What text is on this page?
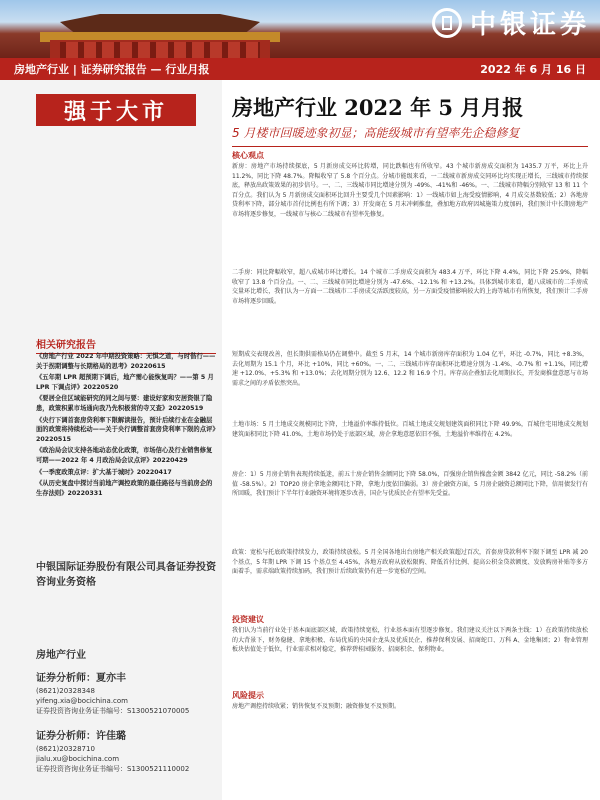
中银证券
房地产行业 | 证券研究报告 — 行业月报	2022 年 6 月 16 日
强于大市
相关研究报告
《房地产行业 2022 年中期投资策略：无惧之道，与时偕行——关于拐期调整与长期格局的思考》20220615
《五年期 LPR 超预期下调后，地产需心能恢复吗？——第 5 月 LPR 下调点评》20220520
《要居全住区域能研究的同之间与要：建设好家和安居资银了隐患，政策积累市场通向我乃先积极营的寺又查》20220519
《央行下调首套房贷利率下限解读报告，预计后续行业在金融层面的政策将持续松动——关于央行调整首套房贷利率下限的点评》20220515
《政治局会议支持各地动态优化政策，市场信心及行业销售修复可期——2022 年 4 月政治局会议点评》20220429
《一季度政策点评：扩大基于城时》20220417
《从历史复盘中探讨当前地产调控政策的最佳路径与当前房企的生存法则》20220331
中银国际证券股份有限公司具备证券投资咨询业务资格
房地产行业
证券分析师：夏亦丰
(8621)20328348
yifeng.xia@bocichina.com
证券投资咨询业务证书编号：S1300521070005
证券分析师：许佳璐
(8621)20328710
jialu.xu@bocichina.com
证券投资咨询业务证书编号：S1300521110002
房地产行业 2022 年 5 月月报
5 月楼市回暖迹象初显；高能级城市有望率先企稳修复
核心观点

新房：房地产市场持续探底，5 月新房成交环比转增，同比跌幅也有所收窄。43 个城市新房成交面积为 1435.7 万平，环比上升 11.2%，同比下降 48.7%。降幅收窄了 5.8 个百分点。分城市能级来看，一二线城市新房成交同环比均实现正增长，三线城市持续探底，释放出政策效果的初步信号。一、二、三线城市同比增速分别为 -49%、-41%和 -46%。一、二线城市降幅分别收窄 13 和 11 个百分点。我们认为 5 月新房成交面积环比回升主要受几个因素影响：1）一线城市如上海受疫情影响，4 月成交基数较低；2）各地房贷利率下降，部分城市首付比例也有所下调；3）开发商在 5 月末冲刺推盘，叠加地方政府因城施策力度加码，我们预计中长期房地产市场将逐步修复，一线城市与核心二线城市有望率先修复。

二手房：同比降幅收窄，超八成城市环比增长。14 个城市二手房成交面积为 483.4 万平，环比下降 4.4%，同比下降 25.9%，降幅收窄了 13.8 个百分点。一、二、三线城市同比增速分别为 -47.6%、-12.1% 和 +13.2%。具体到城市来看，超八成城市的二手房成交量环比增长，我们认为一方面一二线城市二手房成交活跃度较高，另一方面受疫情影响较大的上海等城市有所恢复，我们预计二手房市场将逐步回暖。

短期成交表现改善，但长期供需格局仍在调整中。截至 5 月末，14 个城市新房库存面积为 1.04 亿平，环比 -0.7%，同比 +8.3%，去化周期为 15.1 个月，环比 +10%，同比 +60%。一、二、三线城市库存面积环比增速分别为 -1.4%、-0.7% 和 +1.1%，同比增速 +12.0%、+5.3% 和 +13.0%；去化周期分别为 12.6、12.2 和 16.9 个月。库存高企叠加去化周期拉长，开发商推盘意愿与市场需求之间的矛盾依然突出。

土地市场：5 月土地成交规模同比下降，土地溢价率维持低位。百城土地成交规划建筑面积同比下降 49.9%，百城住宅用地成交规划建筑面积同比下降 41.0%，土地市场仍处于底部区域，房企拿地意愿依旧不强，土地溢价率维持在 4.2%。

房企：1）5 月房企销售表现持续低迷，前五十房企销售金额同比下降 58.0%，百强房企销售操盘金额 3842 亿元，同比 -58.2%（前值 -58.5%）。2）TOP20 房企拿地金额同比下降，拿地力度依旧偏弱。3）房企融资方面，5 月房企融资总额同比下降，信用债发行有所回暖，我们预计下半年行业融资环境将逐步改善，国企与优质民企有望率先受益。

政策：宽松与托底政策持续发力，政策持续放松。5 月全国各地出台房地产相关政策超过百次，首套房贷款利率下限下调至 LPR 减 20 个基点，5 年期 LPR 下调 15 个基点至 4.45%，各地方政府从放松限购、降低首付比例、提高公积金贷款额度、发放购房补贴等多方面着手，需求端政策持续加码，我们预计后续政策仍有进一步宽松的空间。

投资建议

我们认为当前行业处于基本面底部区域，政策持续宽松，行业基本面有望逐步修复。我们建议关注以下两条主线：1）在政策持续放松的大背景下，财务稳健、拿地积极、布局优质的央国企龙头及优质民企，推荐保利发展、招商蛇口、万科 A、金地集团；2）物业管理板块估值处于低位，行业需求相对稳定，推荐碧桂园服务、招商积余、保利物业。

风险提示

房地产调控持续收紧；销售恢复不及预期；融资修复不及预期。
